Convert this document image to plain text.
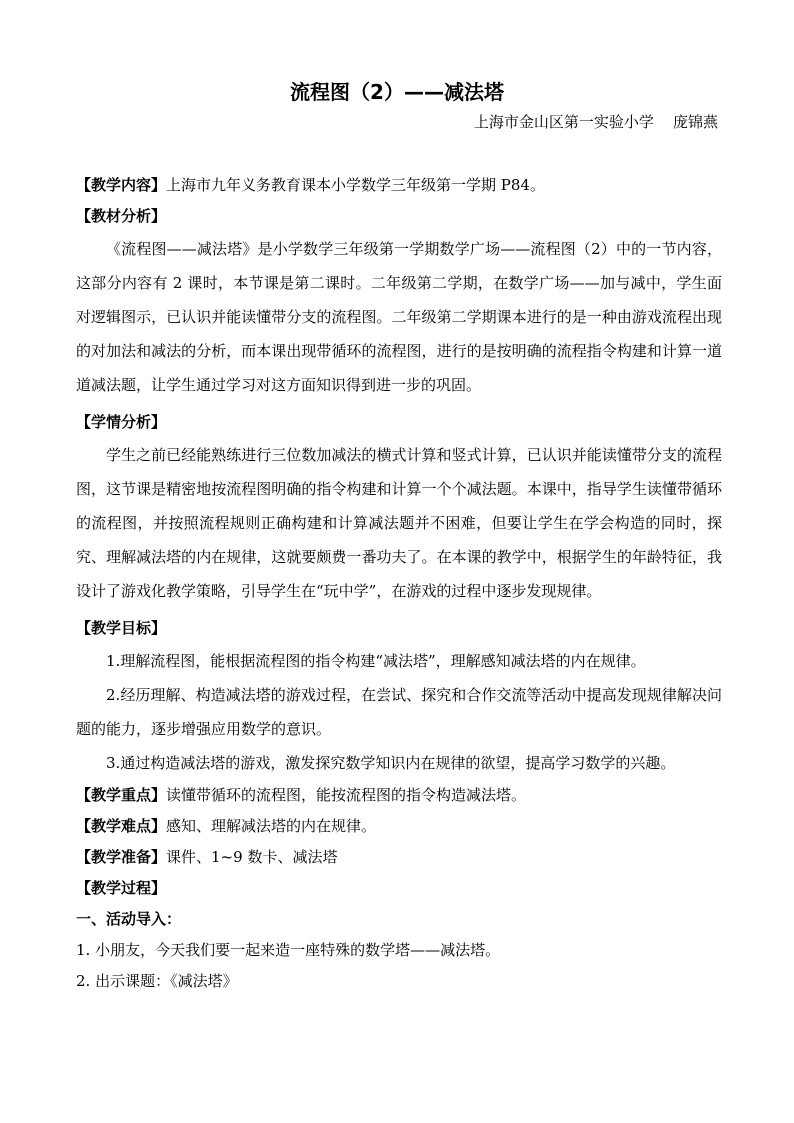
流程图（2）——减法塔
上海市金山区第一实验小学    庞锦燕
【教学内容】上海市九年义务教育课本小学数学三年级第一学期 P84。
【教材分析】
《流程图——减法塔》是小学数学三年级第一学期数学广场——流程图（2）中的一节内容，这部分内容有 2 课时，本节课是第二课时。二年级第二学期，在数学广场——加与减中，学生面对逻辑图示，已认识并能读懂带分支的流程图。二年级第二学期课本进行的是一种由游戏流程出现的对加法和减法的分析，而本课出现带循环的流程图，进行的是按明确的流程指令构建和计算一道道减法题，让学生通过学习对这方面知识得到进一步的巩固。
【学情分析】
学生之前已经能熟练进行三位数加减法的横式计算和竖式计算，已认识并能读懂带分支的流程图，这节课是精密地按流程图明确的指令构建和计算一个个减法题。本课中，指导学生读懂带循环的流程图，并按照流程规则正确构建和计算减法题并不困难，但要让学生在学会构造的同时，探究、理解减法塔的内在规律，这就要颇费一番功夫了。在本课的教学中，根据学生的年龄特征，我设计了游戏化教学策略，引导学生在“玩中学”，在游戏的过程中逐步发现规律。
【教学目标】
1.理解流程图，能根据流程图的指令构建“减法塔”，理解感知减法塔的内在规律。
2.经历理解、构造减法塔的游戏过程，在尝试、探究和合作交流等活动中提高发现规律解决问题的能力，逐步增强应用数学的意识。
3.通过构造减法塔的游戏，激发探究数学知识内在规律的欲望，提高学习数学的兴趣。
【教学重点】读懂带循环的流程图，能按流程图的指令构造减法塔。
【教学难点】感知、理解减法塔的内在规律。
【教学准备】课件、1~9 数卡、减法塔
【教学过程】
一、活动导入：
1. 小朋友，今天我们要一起来造一座特殊的数学塔——减法塔。
2. 出示课题：《减法塔》
